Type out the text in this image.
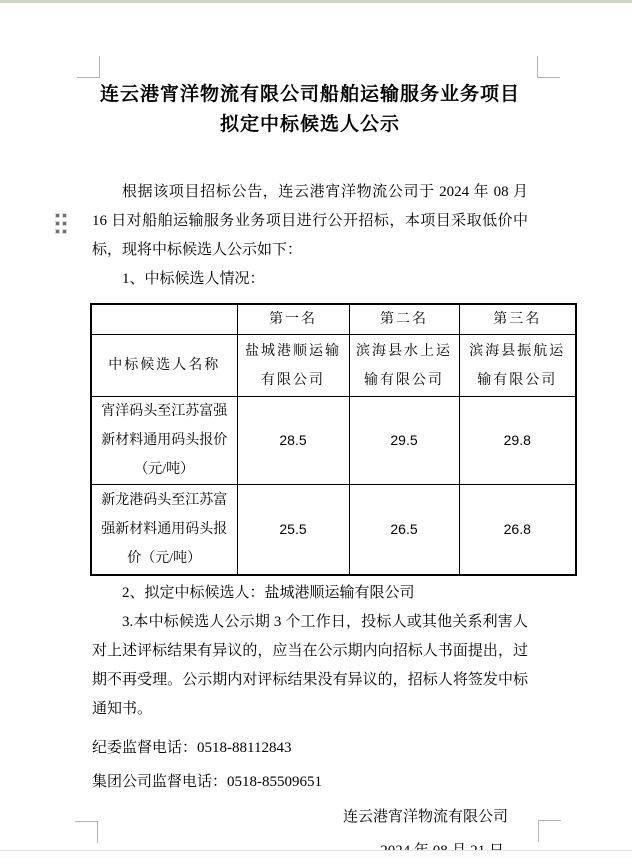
连云港宵洋物流有限公司船舶运输服务业务项目
拟定中标候选人公示

根据该项目招标公告，连云港宵洋物流公司于 2024 年 08 月 16 日对船舶运输服务业务项目进行公开招标，本项目采取低价中标，现将中标候选人公示如下：

1、中标候选人情况：

	第一名	第二名	第三名
中标候选人名称	盐城港顺运输有限公司	滨海县水上运输有限公司	滨海县振航运输有限公司
宵洋码头至江苏富强新材料通用码头报价（元/吨）	28.5	29.5	29.8
新龙港码头至江苏富强新材料通用码头报价（元/吨）	25.5	26.5	26.8

2、拟定中标候选人：盐城港顺运输有限公司

3.本中标候选人公示期 3 个工作日，投标人或其他关系利害人对上述评标结果有异议的，应当在公示期内向招标人书面提出，过期不再受理。公示期内对评标结果没有异议的，招标人将签发中标通知书。

纪委监督电话：0518-88112843

集团公司监督电话：0518-85509651

连云港宵洋物流有限公司
